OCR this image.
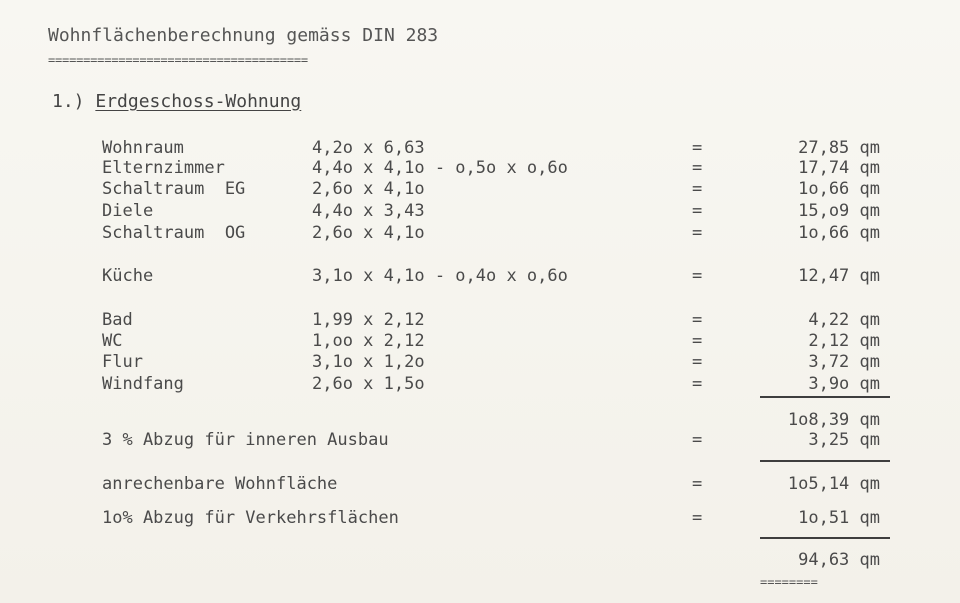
Wohnflächenberechnung gemäss DIN 283
=====================================
1.) Erdgeschoss-Wohnung
Wohnraum	4,2o x 6,63	=	27,85 qm
Elternzimmer	4,4o x 4,1o - o,5o x o,6o	=	17,74 qm
Schaltraum  EG	2,6o x 4,1o	=	1o,66 qm
Diele	4,4o x 3,43	=	15,o9 qm
Schaltraum  OG	2,6o x 4,1o	=	1o,66 qm
Küche	3,1o x 4,1o - o,4o x o,6o	=	12,47 qm
Bad	1,99 x 2,12	=	4,22 qm
WC	1,oo x 2,12	=	2,12 qm
Flur	3,1o x 1,2o	=	3,72 qm
Windfang	2,6o x 1,5o	=	3,9o qm
1o8,39 qm
3 % Abzug für inneren Ausbau	=	3,25 qm
anrechenbare Wohnfläche	=	1o5,14 qm
1o% Abzug für Verkehrsflächen	=	1o,51 qm
94,63 qm
========
